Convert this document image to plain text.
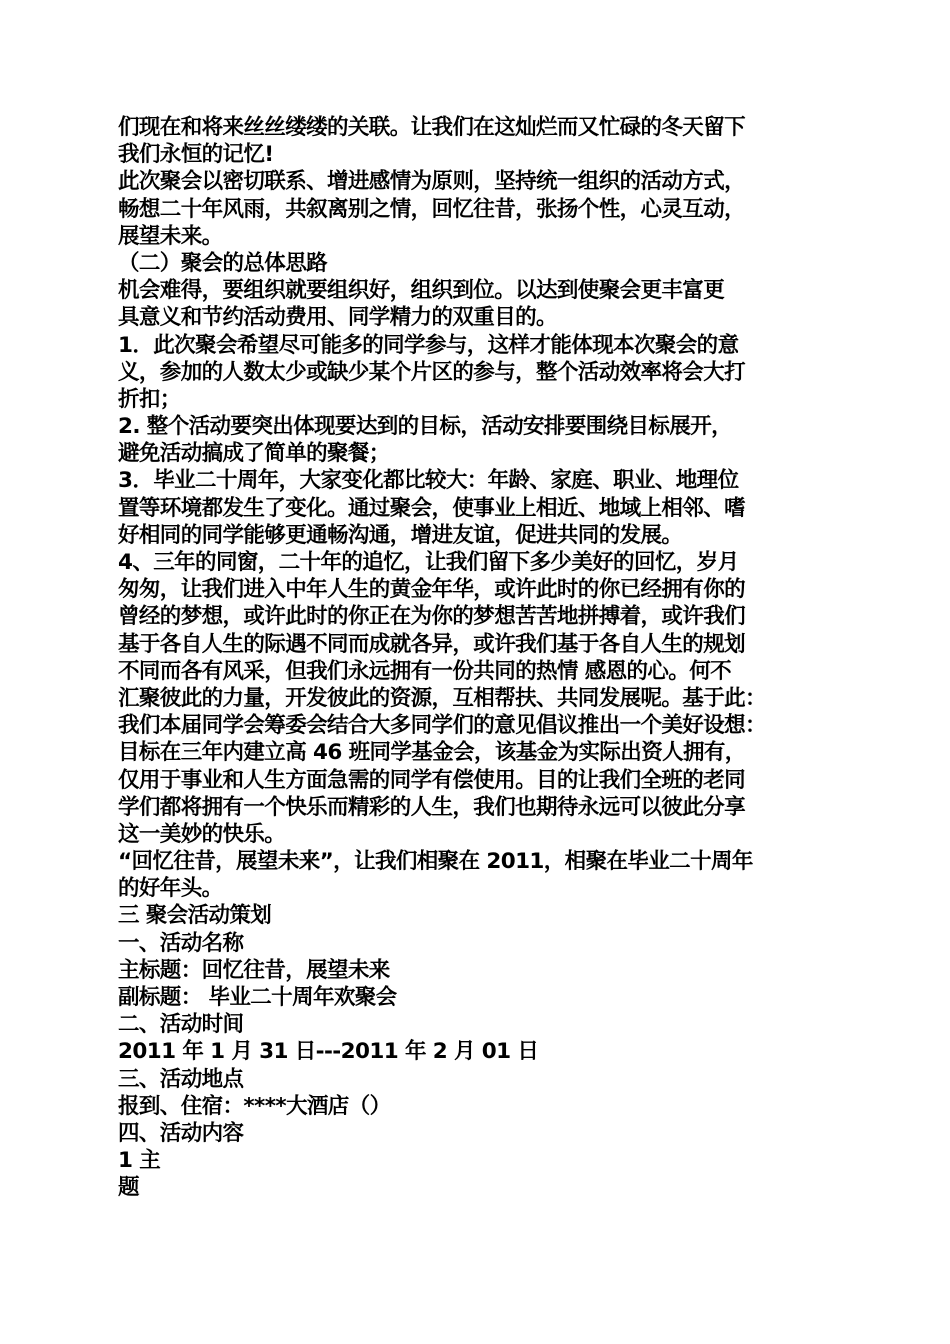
们现在和将来丝丝缕缕的关联。让我们在这灿烂而又忙碌的冬天留下
我们永恒的记忆!
此次聚会以密切联系、增进感情为原则，坚持统一组织的活动方式，
畅想二十年风雨，共叙离别之情，回忆往昔，张扬个性，心灵互动，
展望未来。
（二）聚会的总体思路
机会难得，要组织就要组织好，组织到位。以达到使聚会更丰富更
具意义和节约活动费用、同学精力的双重目的。
1．此次聚会希望尽可能多的同学参与，这样才能体现本次聚会的意
义，参加的人数太少或缺少某个片区的参与，整个活动效率将会大打
折扣；
2. 整个活动要突出体现要达到的目标，活动安排要围绕目标展开，
避免活动搞成了简单的聚餐；
3．毕业二十周年，大家变化都比较大：年龄、家庭、职业、地理位
置等环境都发生了变化。通过聚会，使事业上相近、地域上相邻、嗜
好相同的同学能够更通畅沟通，增进友谊，促进共同的发展。
4、三年的同窗，二十年的追忆，让我们留下多少美好的回忆，岁月
匆匆，让我们进入中年人生的黄金年华，或许此时的你已经拥有你的
曾经的梦想，或许此时的你正在为你的梦想苦苦地拼搏着，或许我们
基于各自人生的际遇不同而成就各异，或许我们基于各自人生的规划
不同而各有风采，但我们永远拥有一份共同的热情 感恩的心。何不
汇聚彼此的力量，开发彼此的资源，互相帮扶、共同发展呢。基于此：
我们本届同学会筹委会结合大多同学们的意见倡议推出一个美好设想：
目标在三年内建立高 46 班同学基金会，该基金为实际出资人拥有，
仅用于事业和人生方面急需的同学有偿使用。目的让我们全班的老同
学们都将拥有一个快乐而精彩的人生，我们也期待永远可以彼此分享
这一美妙的快乐。
“回忆往昔，展望未来”，让我们相聚在 2011，相聚在毕业二十周年
的好年头。
三 聚会活动策划
一、活动名称
主标题：回忆往昔，展望未来
副标题： 毕业二十周年欢聚会
二、活动时间
2011 年 1 月 31 日---2011 年 2 月 01 日
三、活动地点
报到、住宿：****大酒店（）
四、活动内容
1 主
题
